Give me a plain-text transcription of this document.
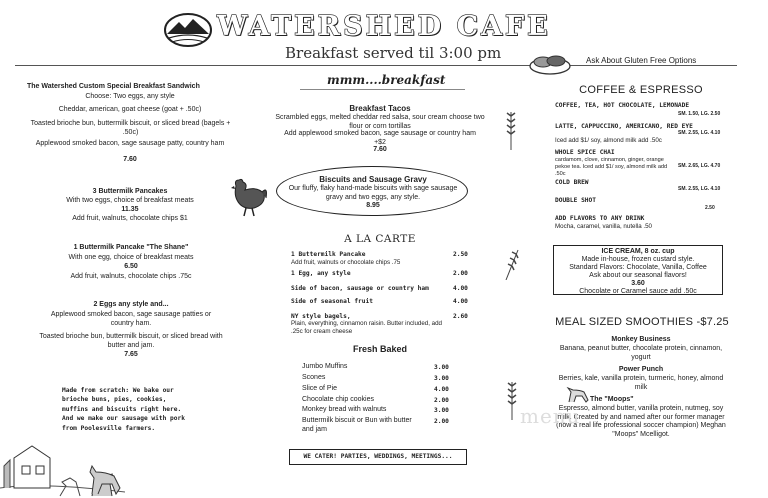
WATERSHED CAFE
Breakfast served til 3:00 pm	Ask About Gluten Free Options
mmm....breakfast
The Watershed Custom Special Breakfast Sandwich
Choose: Two eggs, any style
Cheddar, american, goat cheese (goat + .50c)
Toasted brioche bun, buttermilk biscuit, or sliced bread (bagels + .50c)
Applewood smoked bacon, sage sausage patty, country ham
7.60
3 Buttermilk Pancakes
With two eggs, choice of breakfast meats
11.35
Add fruit, walnuts, chocolate chips $1
1 Buttermilk Pancake "The Shane"
With one egg, choice of breakfast meats
6.50
Add fruit, walnuts, chocolate chips .75c
2 Eggs any style and...
Applewood smoked bacon, sage sausage patties or country ham.
Toasted brioche bun, buttermilk biscuit, or sliced bread with butter and jam.
7.65
Made from scratch: We bake our brioche buns, pies, cookies, muffins and biscuits right here. And we make our sausage with pork from Poolesville farmers.
Breakfast Tacos
Scrambled eggs, melted cheddar red salsa, sour cream choose two flour or corn tortillas
Add applewood smoked bacon, sage sausage or country ham +$2
7.60
Biscuits and Sausage Gravy
Our fluffy, flaky hand-made biscuits with sage sausage gravy and two eggs, any style.
8.95
A LA CARTE
1 Buttermilk Pancake	2.50
Add fruit, walnuts or chocolate chips .75
1 Egg, any style	2.00
Side of bacon, sausage or country ham	4.00
Side of seasonal fruit	4.00
NY style bagels,	2.60
Plain, everything, cinnamon raisin. Butter included, add .25c for cream cheese
Fresh Baked
Jumbo Muffins	3.00
Scones	3.00
Slice of Pie	4.00
Chocolate chip cookies	2.00
Monkey bread with walnuts	3.00
Buttermilk biscuit or Bun with butter and jam
2.00
WE CATER! PARTIES, WEDDINGS, MEETINGS...
COFFEE & ESPRESSO
COFFEE, TEA, HOT CHOCOLATE, LEMONADE
SM. 1.50, LG. 2.50
LATTE, CAPPUCCINO, AMERICANO, RED EYE
SM. 2.55, LG. 4.10
Iced add $1/ soy, almond milk add .50c
WHOLE SPICE CHAI
cardamom, clove, cinnamon, ginger, orange pekoe tea. Iced add $1/ soy, almond milk add .50c
SM. 2.65, LG. 4.70
COLD BREW
SM. 2.55, LG. 4.10
DOUBLE SHOT
2.50
ADD FLAVORS TO ANY DRINK
Mocha, caramel, vanilla, nutella .50
ICE CREAM, 8 oz. cup
Made in-house, frozen custard style.
Standard Flavors: Chocolate, Vanilla, Coffee
Ask about our seasonal flavors!
3.60
Chocolate or Caramel sauce add .50c
MEAL SIZED SMOOTHIES -$7.25
Monkey Business
Banana, peanut butter, chocolate protein, cinnamon, yogurt
Power Punch
Berries, kale, vanilla protein, turmeric, honey, almond milk
The "Moops"
Espresso, almond butter, vanilla protein, nutmeg, soy milk. Created by and named after our former manager (now a real life professional soccer champion) Meghan "Moops" Mcelligot.
menu
